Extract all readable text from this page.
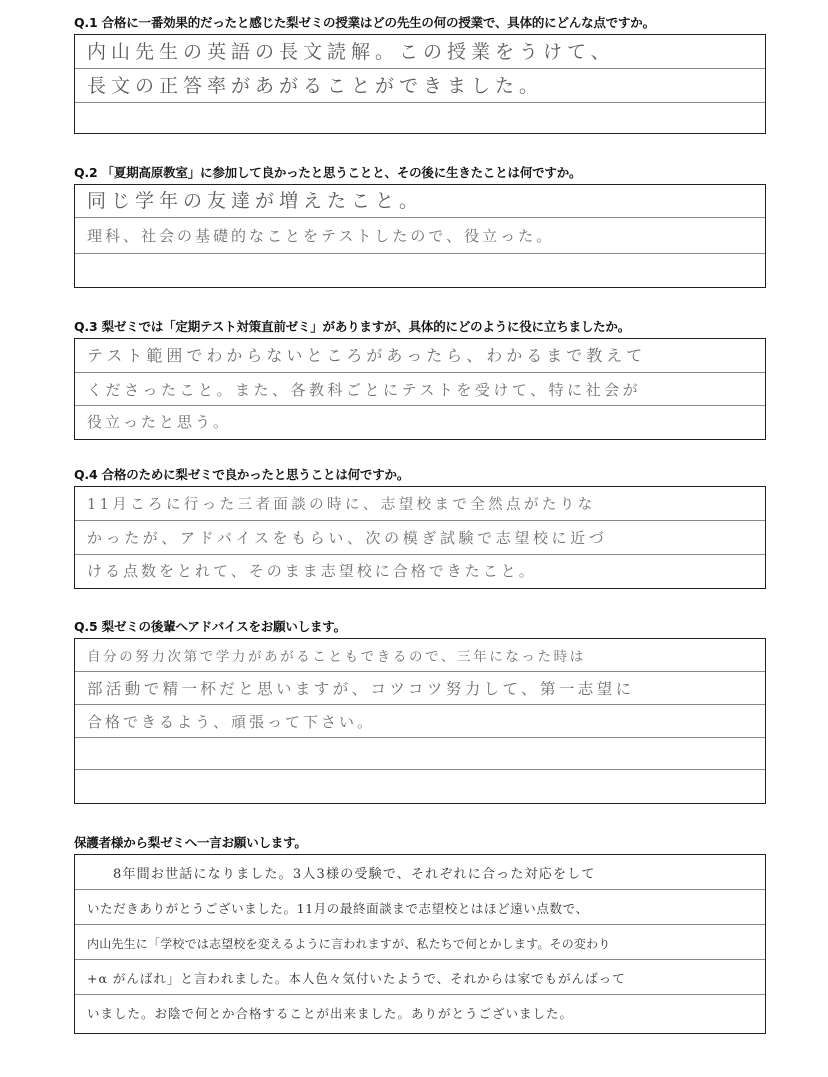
Q.1 合格に一番効果的だったと感じた梨ゼミの授業はどの先生の何の授業で、具体的にどんな点ですか。
内山先生の英語の長文読解。この授業をうけて、
長文の正答率があがることができました。
Q.2 「夏期高原教室」に参加して良かったと思うことと、その後に生きたことは何ですか。
同じ学年の友達が増えたこと。
理科、社会の基礎的なことをテストしたので、役立った。
Q.3 梨ゼミでは「定期テスト対策直前ゼミ」がありますが、具体的にどのように役に立ちましたか。
テスト範囲でわからないところがあったら、わかるまで教えて
くださったこと。また、各教科ごとにテストを受けて、特に社会が
役立ったと思う。
Q.4 合格のために梨ゼミで良かったと思うことは何ですか。
11月ころに行った三者面談の時に、志望校まで全然点がたりな
かったが、アドバイスをもらい、次の模ぎ試験で志望校に近づ
ける点数をとれて、そのまま志望校に合格できたこと。
Q.5 梨ゼミの後輩へアドバイスをお願いします。
自分の努力次第で学力があがることもできるので、三年になった時は
部活動で精一杯だと思いますが、コツコツ努力して、第一志望に
合格できるよう、頑張って下さい。
保護者様から梨ゼミへ一言お願いします。
8年間お世話になりました。3人3様の受験で、それぞれに合った対応をして
いただきありがとうございました。11月の最終面談まで志望校とはほど遠い点数で、
内山先生に「学校では志望校を変えるように言われますが、私たちで何とかします。その変わり
+α がんばれ」と言われました。本人色々気付いたようで、それからは家でもがんばって
いました。お陰で何とか合格することが出来ました。ありがとうございました。
